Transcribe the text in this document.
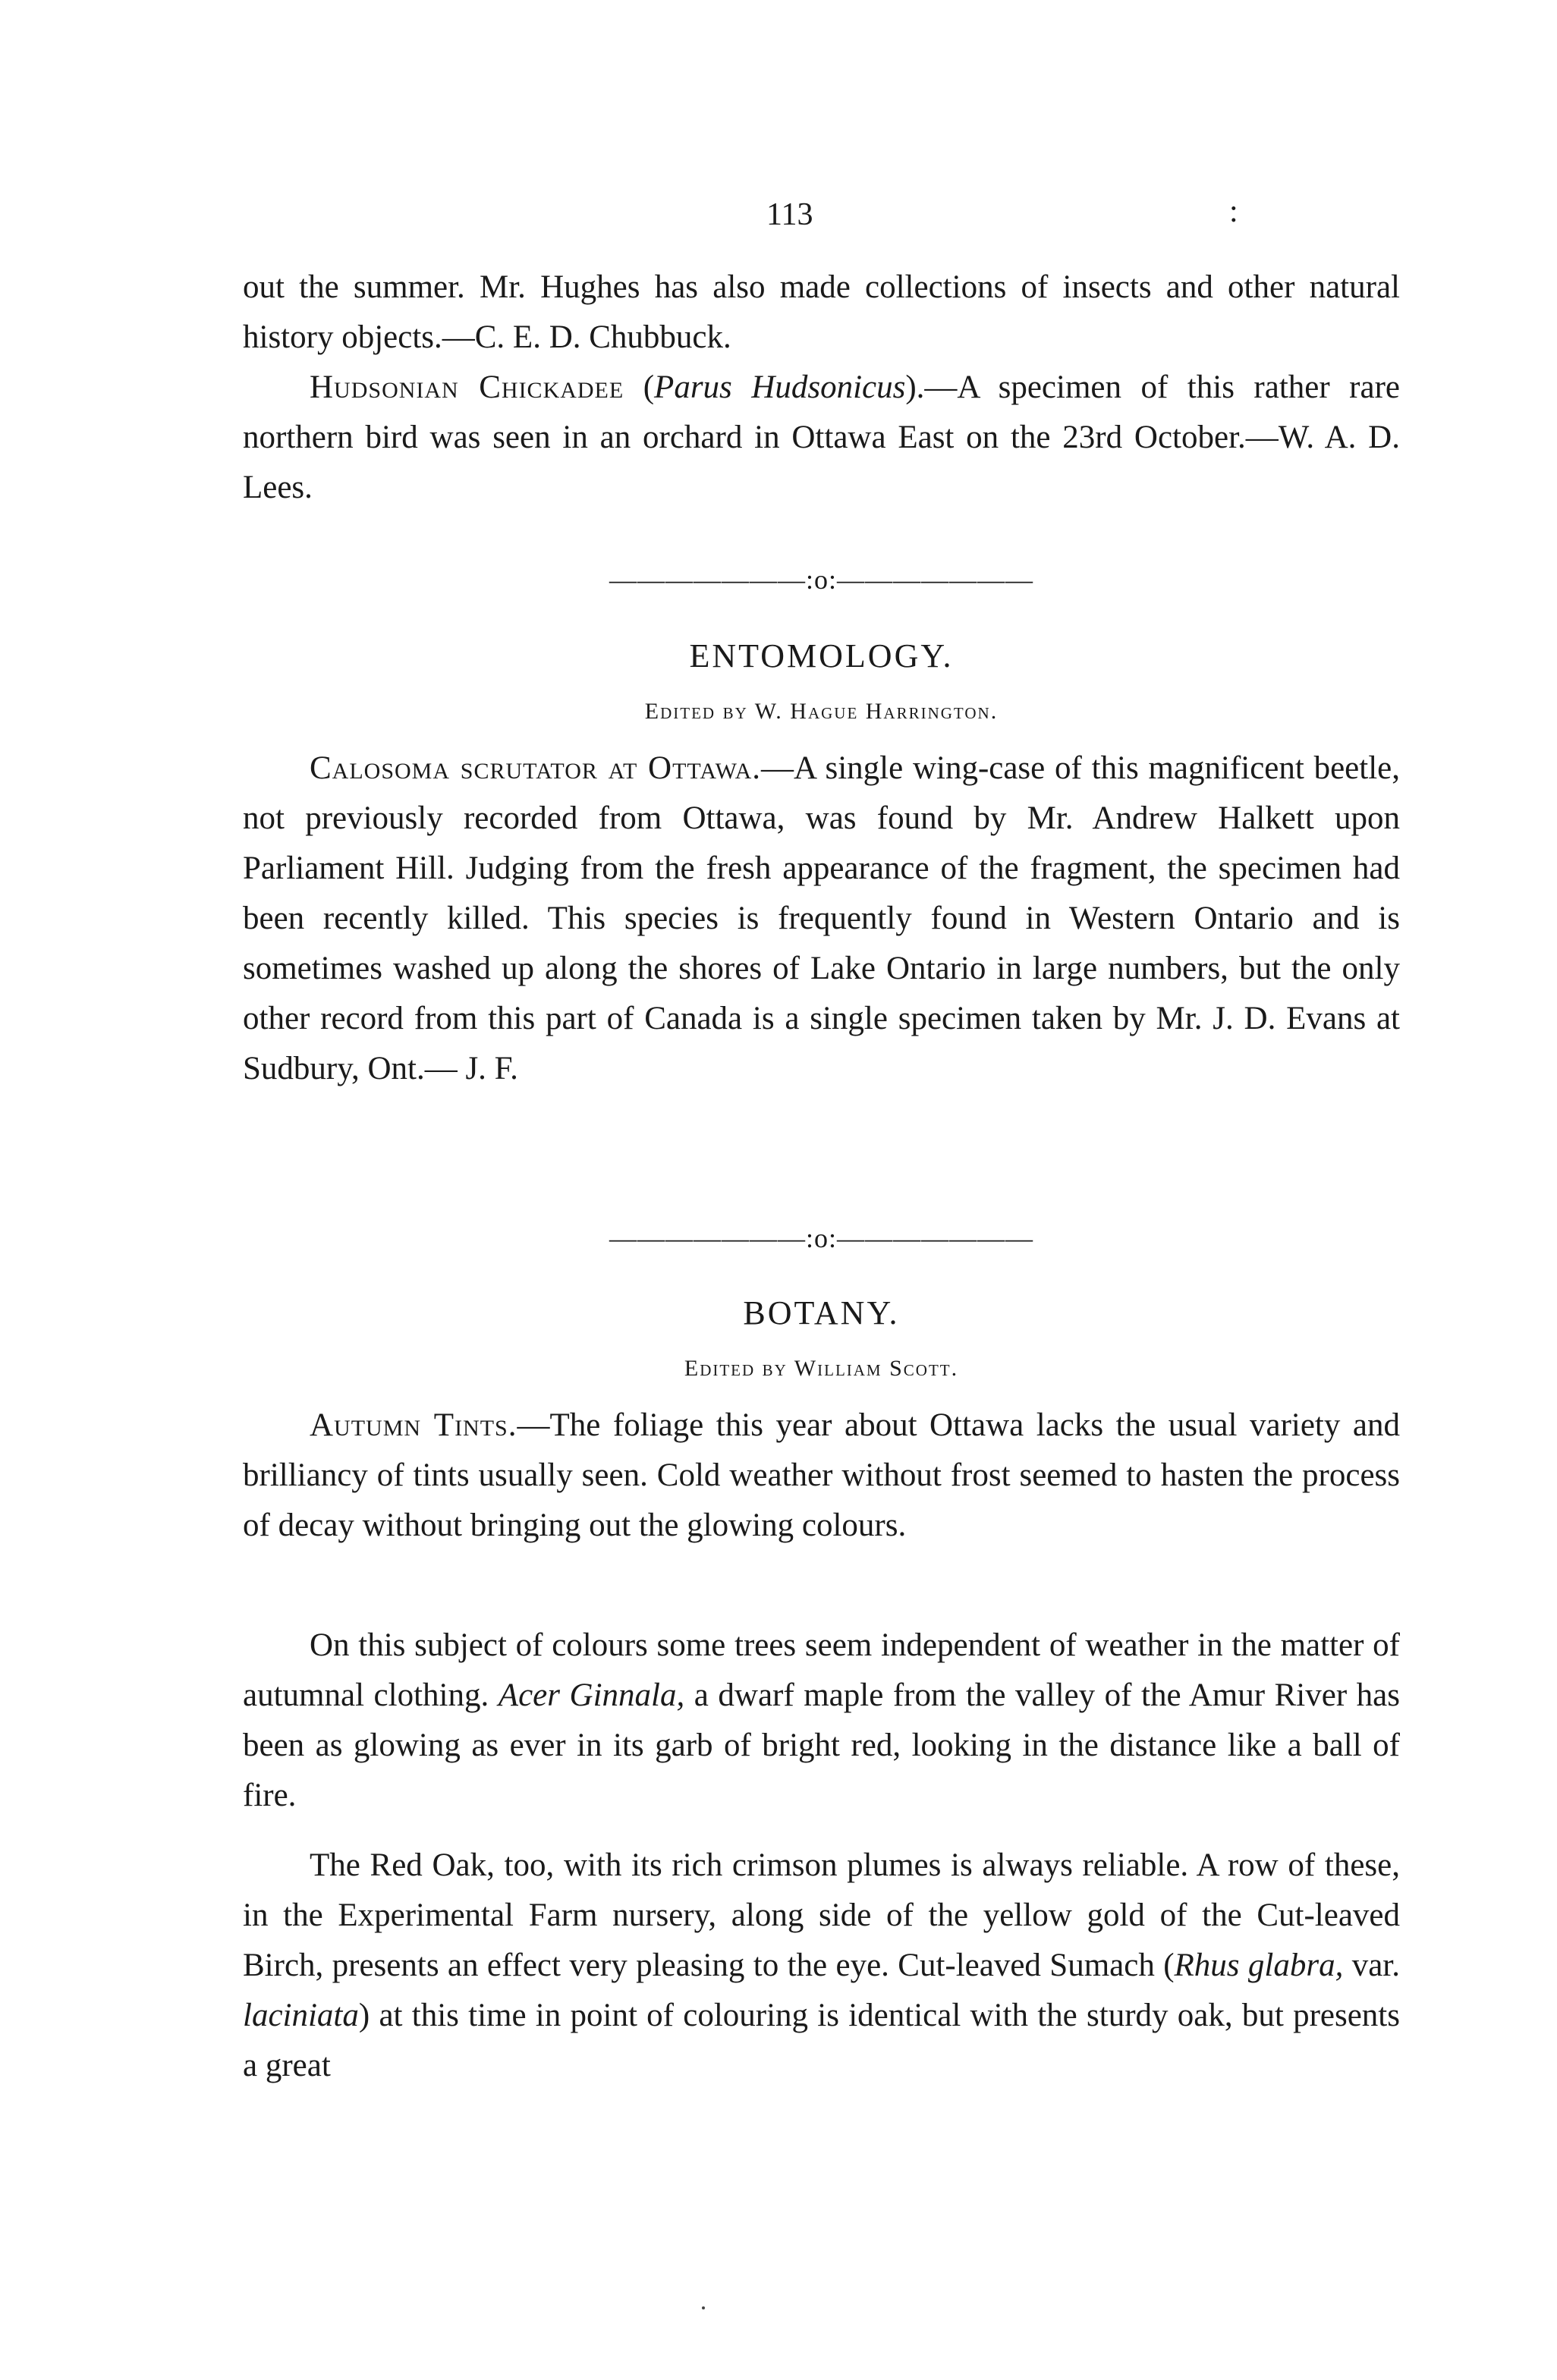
113	:

out the summer. Mr. Hughes has also made collections of insects and other natural history objects.—C. E. D. Chubbuck.

Hudsonian Chickadee (Parus Hudsonicus).—A specimen of this rather rare northern bird was seen in an orchard in Ottawa East on the 23rd October.—W. A. D. Lees.

———————:o:———————
ENTOMOLOGY.
Edited by W. Hague Harrington.

Calosoma scrutator at Ottawa.—A single wing-case of this magnificent beetle, not previously recorded from Ottawa, was found by Mr. Andrew Halkett upon Parliament Hill. Judging from the fresh appearance of the fragment, the specimen had been recently killed. This species is frequently found in Western Ontario and is sometimes washed up along the shores of Lake Ontario in large numbers, but the only other record from this part of Canada is a single specimen taken by Mr. J. D. Evans at Sudbury, Ont.— J. F.

———————:o:———————
BOTANY.
Edited by William Scott.

Autumn Tints.—The foliage this year about Ottawa lacks the usual variety and brilliancy of tints usually seen. Cold weather without frost seemed to hasten the process of decay without bringing out the glowing colours.

On this subject of colours some trees seem independent of weather in the matter of autumnal clothing. Acer Ginnala, a dwarf maple from the valley of the Amur River has been as glowing as ever in its garb of bright red, looking in the distance like a ball of fire.

The Red Oak, too, with its rich crimson plumes is always reliable. A row of these, in the Experimental Farm nursery, along side of the yellow gold of the Cut-leaved Birch, presents an effect very pleasing to the eye. Cut-leaved Sumach (Rhus glabra, var. laciniata) at this time in point of colouring is identical with the sturdy oak, but presents a great
